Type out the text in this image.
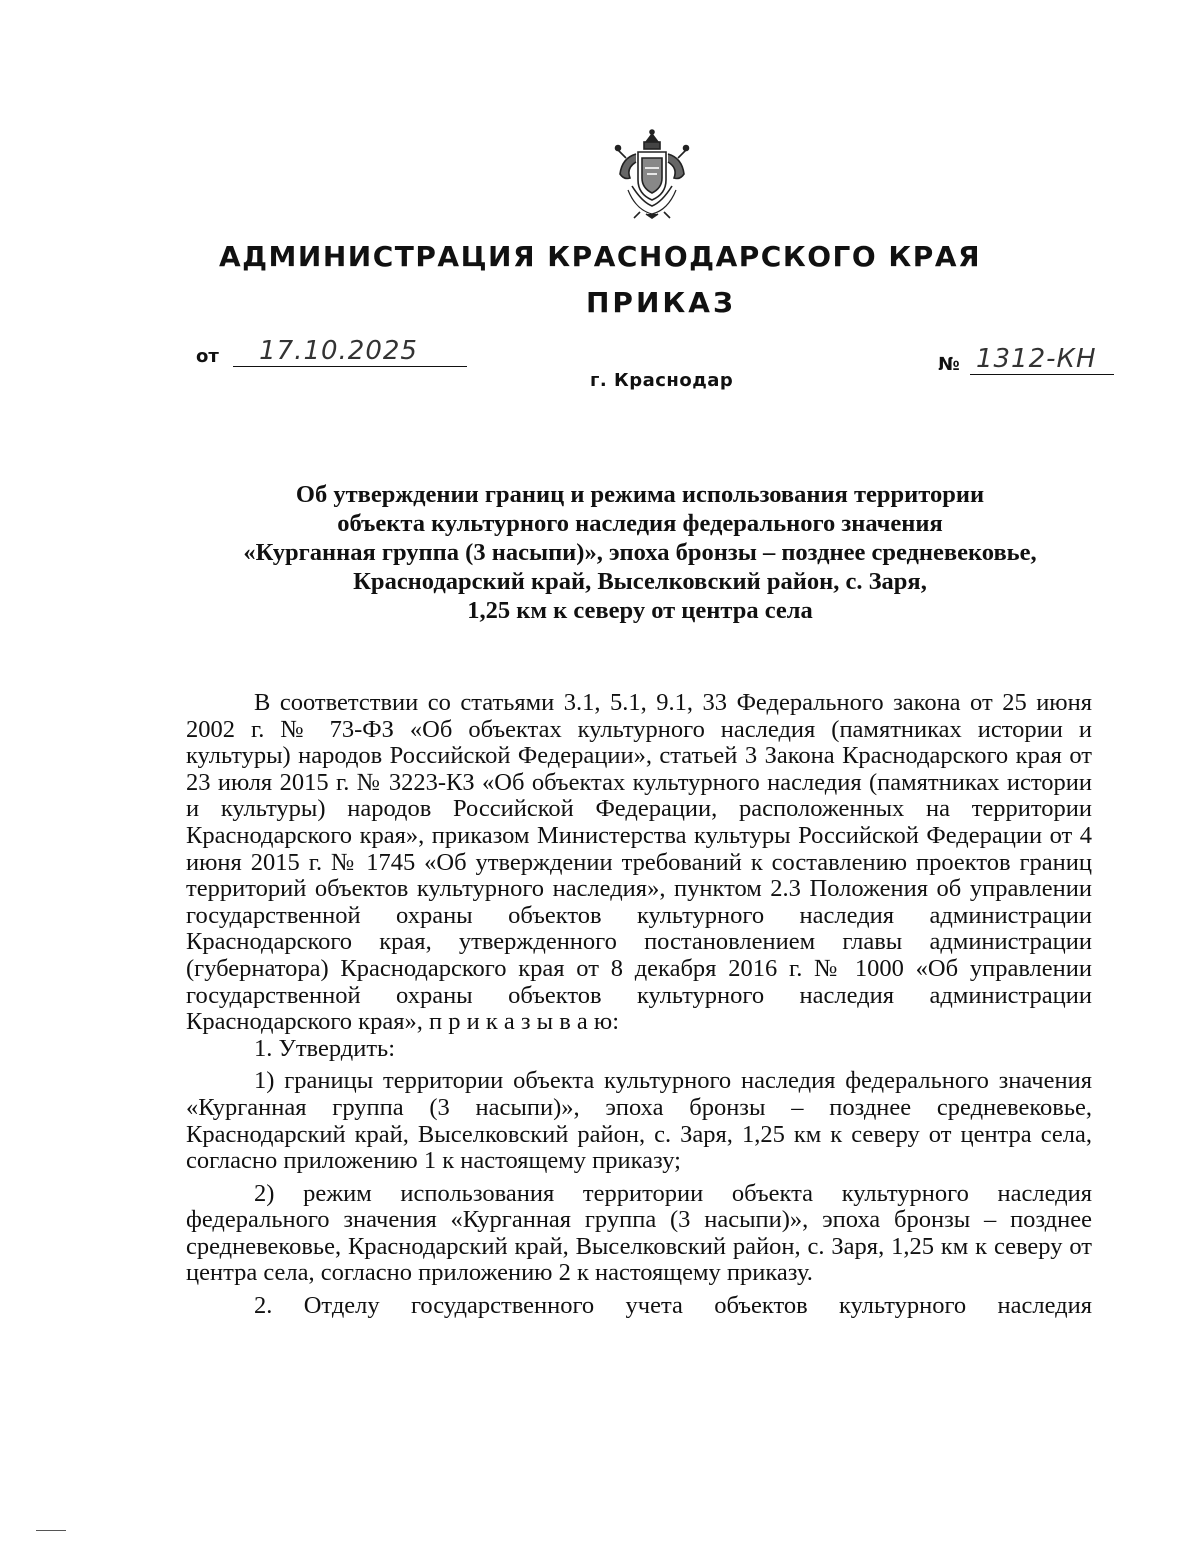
АДМИНИСТРАЦИЯ КРАСНОДАРСКОГО КРАЯ
ПРИКАЗ
от 17.10.2025	№ 1312-КН
г. Краснодар
Об утверждении границ и режима использования территории
объекта культурного наследия федерального значения
«Курганная группа (3 насыпи)», эпоха бронзы – позднее средневековье,
Краснодарский край, Выселковский район, с. Заря,
1,25 км к северу от центра села

В соответствии со статьями 3.1, 5.1, 9.1, 33 Федерального закона от 25 июня 2002 г. № 73-ФЗ «Об объектах культурного наследия (памятниках истории и культуры) народов Российской Федерации», статьей 3 Закона Краснодарского края от 23 июля 2015 г. № 3223-КЗ «Об объектах культурного наследия (памятниках истории и культуры) народов Российской Федерации, расположенных на территории Краснодарского края», приказом Министерства культуры Российской Федерации от 4 июня 2015 г. № 1745 «Об утверждении требований к составлению проектов границ территорий объектов культурного наследия», пунктом 2.3 Положения об управлении государственной охраны объектов культурного наследия администрации Краснодарского края, утвержденного постановлением главы администрации (губернатора) Краснодарского края от 8 декабря 2016 г. № 1000 «Об управлении государственной охраны объектов культурного наследия администрации Краснодарского края», п р и к а з ы в а ю:

1. Утвердить:

1) границы территории объекта культурного наследия федерального значения «Курганная группа (3 насыпи)», эпоха бронзы – позднее средневековье, Краснодарский край, Выселковский район, с. Заря, 1,25 км к северу от центра села, согласно приложению 1 к настоящему приказу;

2) режим использования территории объекта культурного наследия федерального значения «Курганная группа (3 насыпи)», эпоха бронзы – позднее средневековье, Краснодарский край, Выселковский район, с. Заря, 1,25 км к северу от центра села, согласно приложению 2 к настоящему приказу.

2. Отделу государственного учета объектов культурного наследия
